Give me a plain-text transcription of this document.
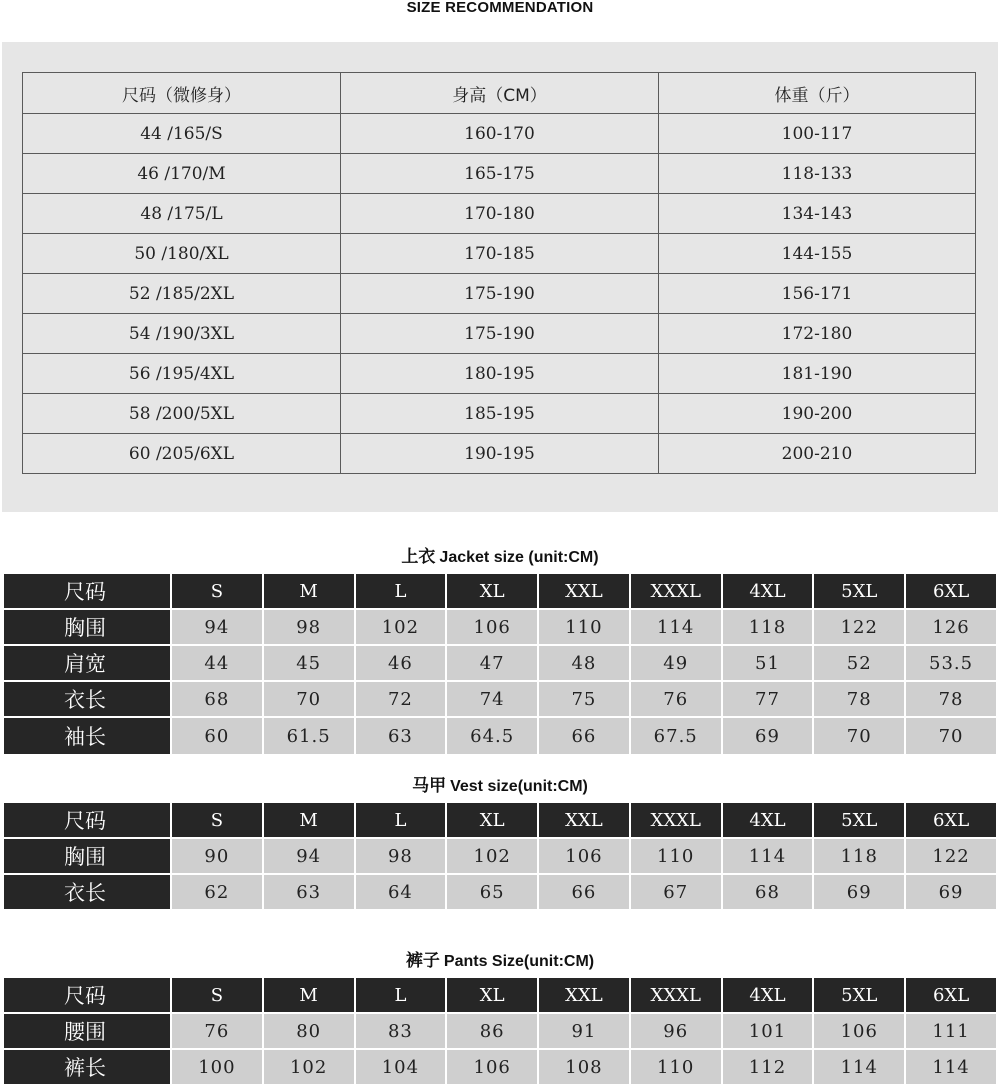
SIZE RECOMMENDATION
尺码（微修身）	身高（CM）	体重（斤）
44 /165/S	160-170	100-117
46 /170/M	165-175	118-133
48 /175/L	170-180	134-143
50 /180/XL	170-185	144-155
52 /185/2XL	175-190	156-171
54 /190/3XL	175-190	172-180
56 /195/4XL	180-195	181-190
58 /200/5XL	185-195	190-200
60 /205/6XL	190-195	200-210
上衣 Jacket size (unit:CM)
尺码	S	M	L	XL	XXL	XXXL	4XL	5XL	6XL
胸围	94	98	102	106	110	114	118	122	126
肩宽	44	45	46	47	48	49	51	52	53.5
衣长	68	70	72	74	75	76	77	78	78
袖长	60	61.5	63	64.5	66	67.5	69	70	70
马甲 Vest size(unit:CM)
尺码	S	M	L	XL	XXL	XXXL	4XL	5XL	6XL
胸围	90	94	98	102	106	110	114	118	122
衣长	62	63	64	65	66	67	68	69	69
裤子 Pants Size(unit:CM)
尺码	S	M	L	XL	XXL	XXXL	4XL	5XL	6XL
腰围	76	80	83	86	91	96	101	106	111
裤长	100	102	104	106	108	110	112	114	114
